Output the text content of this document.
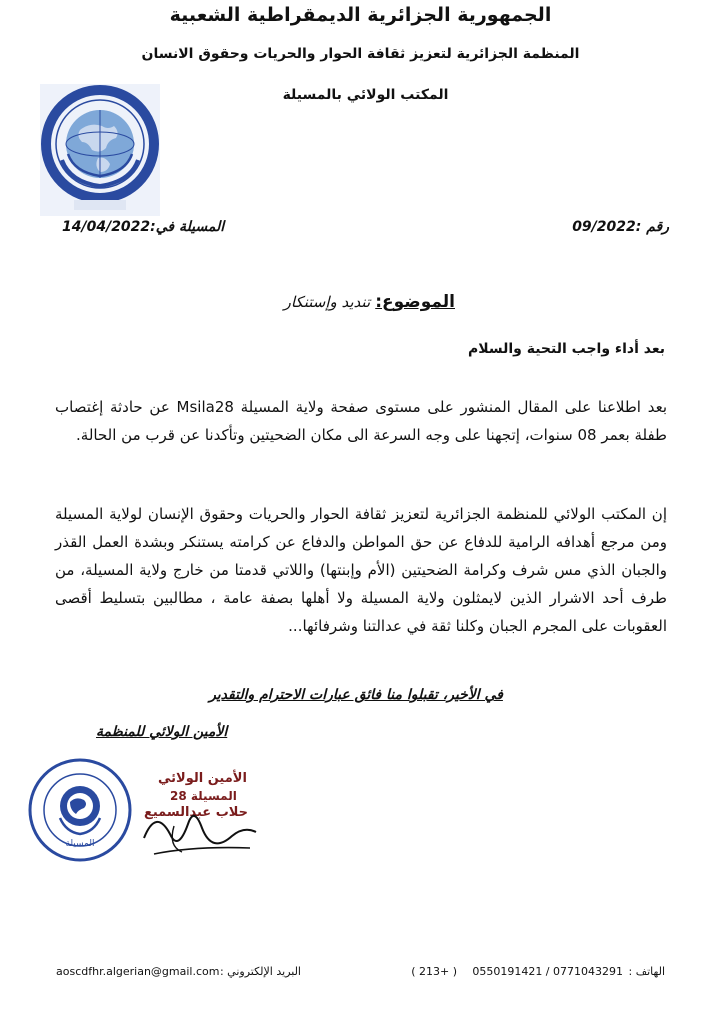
الجمهورية الجزائرية الديمقراطية الشعبية
المنظمة الجزائرية لتعزيز ثقافة الحوار والحريات وحقوق الانسان
المكتب الولائي بالمسيلة
رقم :09/2022
المسيلة في:14/04/2022
الموضوع: تنديد وإستنكار
بعد أداء واجب التحية والسلام
بعد اطلاعنا على المقال المنشور على مستوى صفحة ولاية المسيلة Msila28 عن حادثة إغتصاب طفلة بعمر 08 سنوات، إتجهنا على وجه السرعة الى مكان الضحيتين وتأكدنا عن قرب من الحالة.
إن المكتب الولائي للمنظمة الجزائرية لتعزيز ثقافة الحوار والحريات وحقوق الإنسان لولاية المسيلة ومن مرجع أهدافه الرامية للدفاع عن حق المواطن والدفاع عن كرامته يستنكر وبشدة العمل القذر والجبان الذي مس شرف وكرامة الضحيتين (الأم وإبنتها) واللاتي قدمتا من خارج ولاية المسيلة، من طرف أحد الاشرار الذين لايمثلون ولاية المسيلة ولا أهلها بصفة عامة ، مطالبين بتسليط أقصى العقوبات على المجرم الجبان وكلنا ثقة في عدالتنا وشرفائها...
في الأخير، تقبلوا منا فائق عبارات الاحترام والتقدير
الأمين الولائي للمنظمة
المسيلة
الأمين الولائي
المسيلة 28
حلاب عبدالسميع
الهاتف :
0550191421 / 0771043291
( 213+ )
البريد الإلكتروني :
aoscdfhr.algerian@gmail.com
